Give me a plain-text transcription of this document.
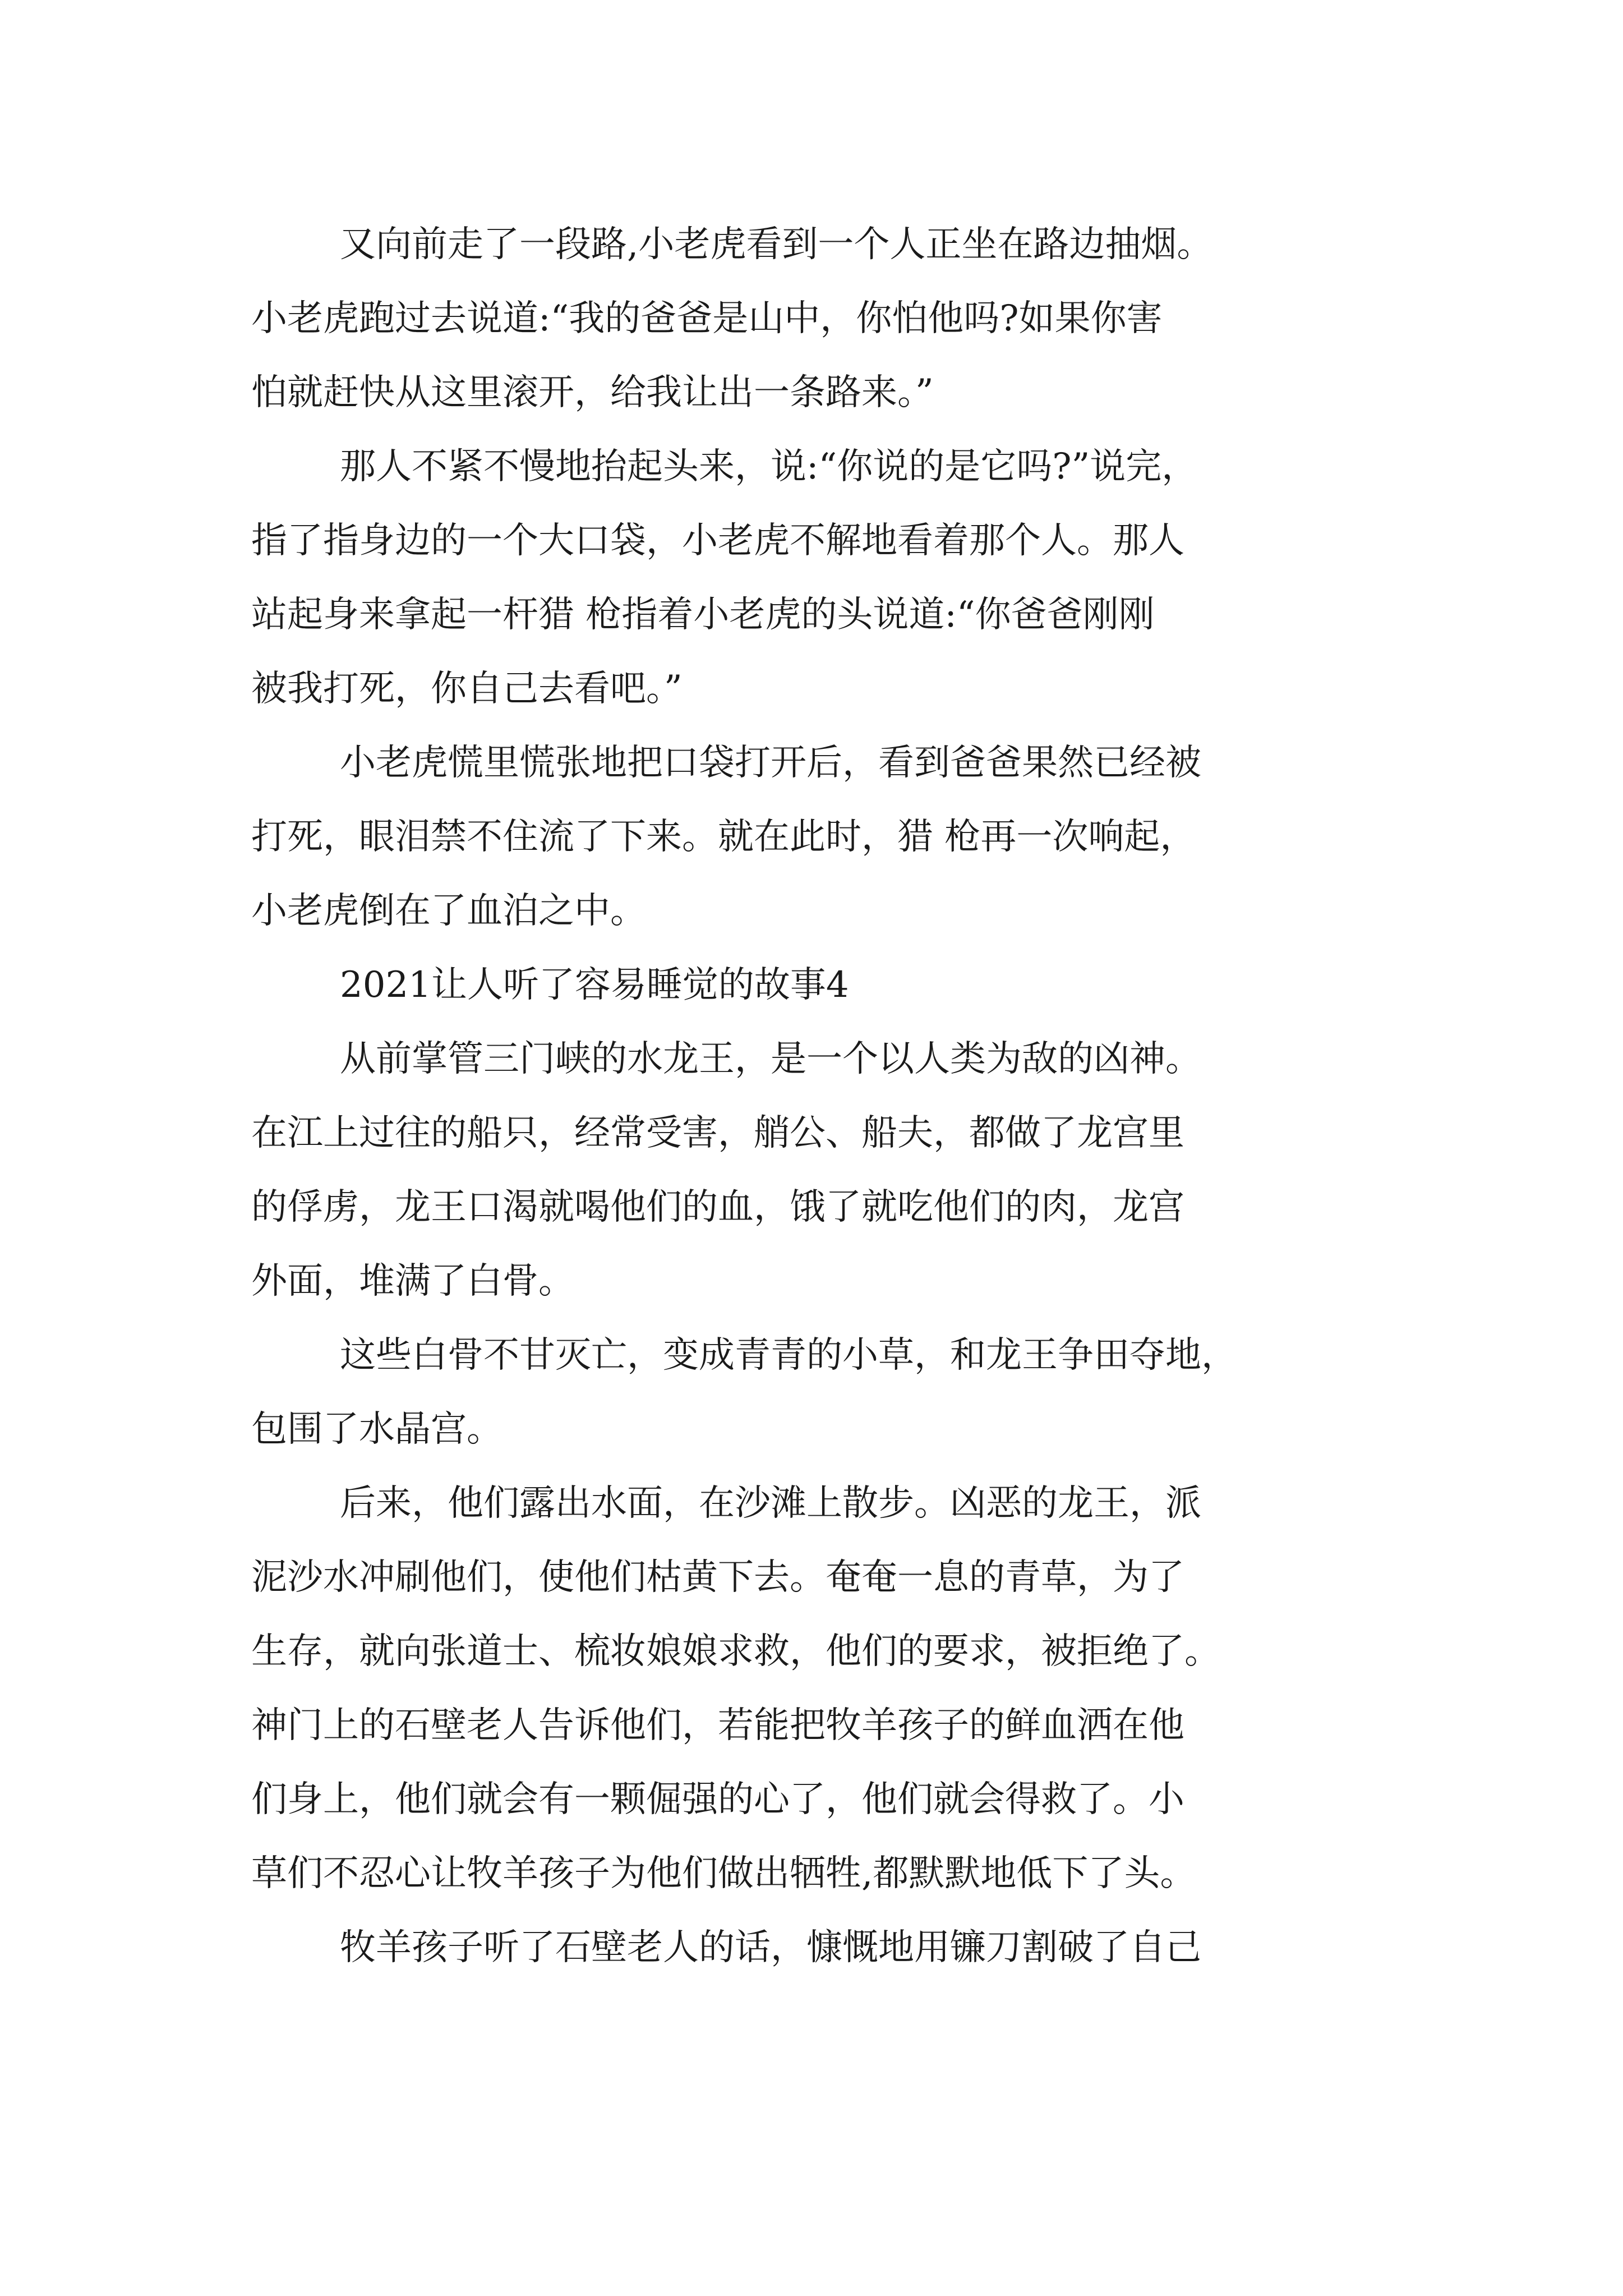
又向前走了一段路,小老虎看到一个人正坐在路边抽烟。
小老虎跑过去说道:“我的爸爸是山中，你怕他吗?如果你害
怕就赶快从这里滚开，给我让出一条路来。”
那人不紧不慢地抬起头来，说:“你说的是它吗?”说完，
指了指身边的一个大口袋，小老虎不解地看着那个人。那人
站起身来拿起一杆猎 枪指着小老虎的头说道:“你爸爸刚刚
被我打死，你自己去看吧。”
小老虎慌里慌张地把口袋打开后，看到爸爸果然已经被
打死，眼泪禁不住流了下来。就在此时，猎 枪再一次响起，
小老虎倒在了血泊之中。
2021让人听了容易睡觉的故事4
从前掌管三门峡的水龙王，是一个以人类为敌的凶神。
在江上过往的船只，经常受害，艄公、船夫，都做了龙宫里
的俘虏，龙王口渴就喝他们的血，饿了就吃他们的肉，龙宫
外面，堆满了白骨。
这些白骨不甘灭亡，变成青青的小草，和龙王争田夺地，
包围了水晶宫。
后来，他们露出水面，在沙滩上散步。凶恶的龙王，派
泥沙水冲刷他们，使他们枯黄下去。奄奄一息的青草，为了
生存，就向张道士、梳妆娘娘求救，他们的要求，被拒绝了。
神门上的石壁老人告诉他们，若能把牧羊孩子的鲜血洒在他
们身上，他们就会有一颗倔强的心了，他们就会得救了。小
草们不忍心让牧羊孩子为他们做出牺牲,都默默地低下了头。
牧羊孩子听了石壁老人的话，慷慨地用镰刀割破了自己
